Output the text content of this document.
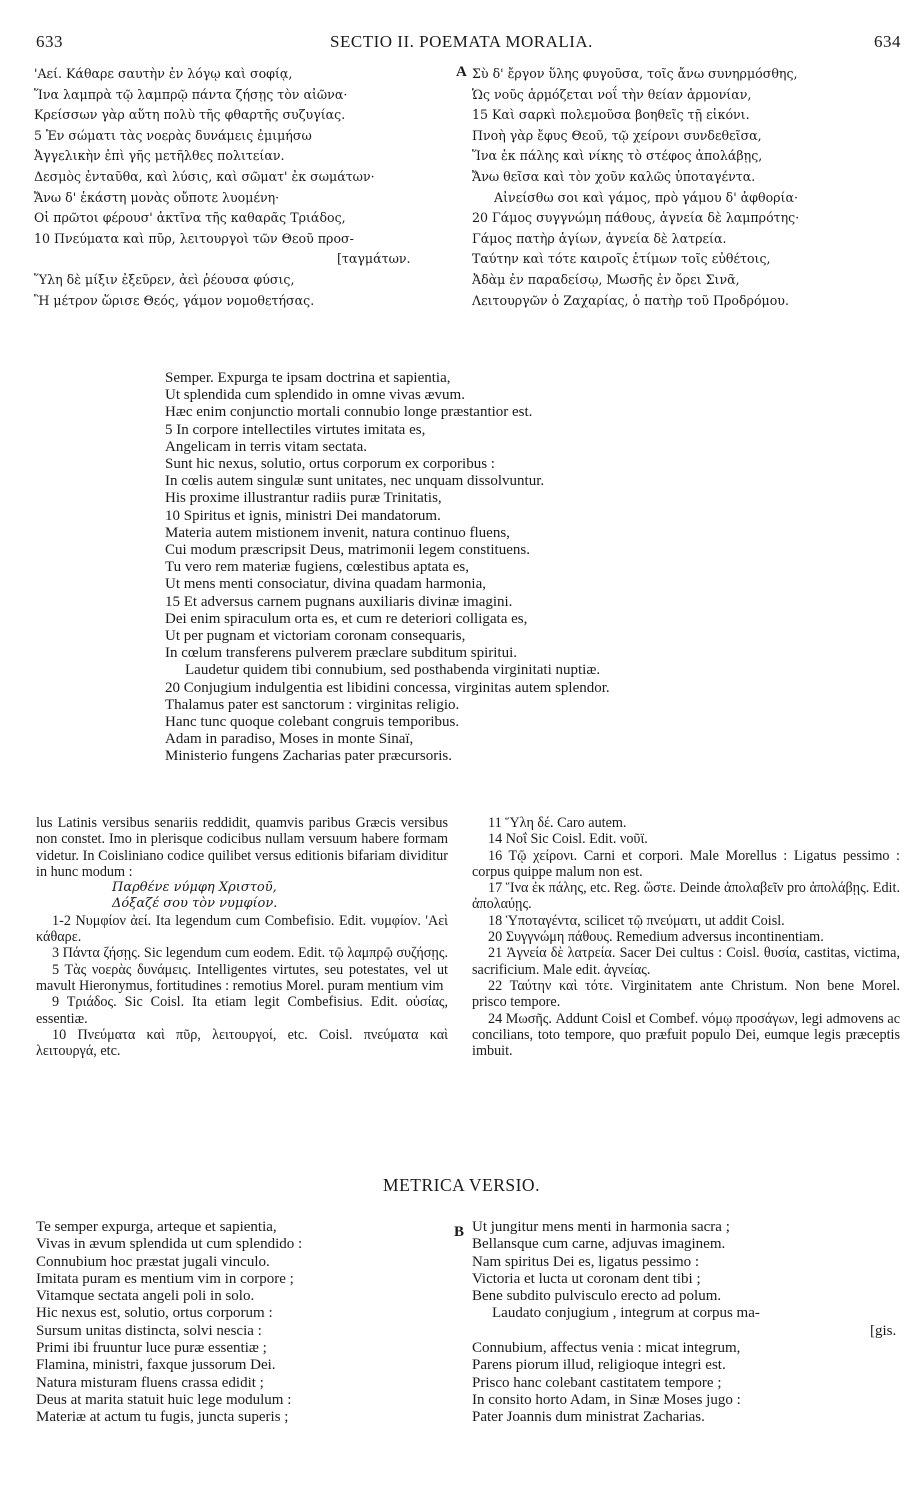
633	SECTIO II. POEMATA MORALIA.	634
'Αεί. Κάθαρε σαυτὴν ἐν λόγῳ καὶ σοφίᾳ,
Ἵνα λαμπρὰ τῷ λαμπρῷ πάντα ζήσῃς τὸν αἰῶνα·
Κρείσσων γὰρ αὕτη πολὺ τῆς φθαρτῆς συζυγίας.
5 Ἐν σώματι τὰς νοερὰς δυνάμεις ἐμιμήσω
Ἀγγελικὴν ἐπὶ γῆς μετῆλθες πολιτείαν.
Δεσμὸς ἐνταῦθα, καὶ λύσις, καὶ σῶματ' ἐκ σωμάτων·
Ἄνω δ' ἑκάστη μονὰς οὔποτε λυομένη·
Οἱ πρῶτοι φέρουσ' ἀκτῖνα τῆς καθαρᾶς Τριάδος,
10 Πνεύματα καὶ πῦρ, λειτουργοὶ τῶν Θεοῦ προσ-
[ταγμάτων.
Ὕλη δὲ μίξιν ἐξεῦρεν, ἀεὶ ῥέουσα φύσις,
Ἣ μέτρον ὥρισε Θεός, γάμον νομοθετήσας.
A Σὺ δ' ἔργον ὕλης φυγοῦσα, τοῖς ἄνω συνηρμόσθης,
Ὡς νοῦς ἁρμόζεται νοΐ τὴν θείαν ἁρμονίαν,
15 Καὶ σαρκὶ πολεμοῦσα βοηθεῖς τῇ εἰκόνι.
Πνοὴ γὰρ ἔφυς Θεοῦ, τῷ χείρονι συνδεθεῖσα,
Ἵνα ἐκ πάλης καὶ νίκης τὸ στέφος ἀπολάβῃς,
Ἄνω θεῖσα καὶ τὸν χοῦν καλῶς ὑποταγέντα.
Αἰνείσθω σοι καὶ γάμος, πρὸ γάμου δ' ἀφθορία·
20 Γάμος συγγνώμη πάθους, ἁγνεία δὲ λαμπρότης·
Γάμος πατὴρ ἁγίων, ἁγνεία δὲ λατρεία.
Ταύτην καὶ τότε καιροῖς ἐτίμων τοῖς εὐθέτοις,
Ἀδὰμ ἐν παραδείσῳ, Μωσῆς ἐν ὄρει Σινᾶ,
Λειτουργῶν ὁ Ζαχαρίας, ὁ πατὴρ τοῦ Προδρόμου.
Semper. Expurga te ipsam doctrina et sapientia,
Ut splendida cum splendido in omne vivas ævum.
Hæc enim conjunctio mortali connubio longe præstantior est.
5 In corpore intellectiles virtutes imitata es,
Angelicam in terris vitam sectata.
Sunt hic nexus, solutio, ortus corporum ex corporibus :
In cœlis autem singulæ sunt unitates, nec unquam dissolvuntur.
His proxime illustrantur radiis puræ Trinitatis,
10 Spiritus et ignis, ministri Dei mandatorum.
Materia autem mistionem invenit, natura continuo fluens,
Cui modum præscripsit Deus, matrimonii legem constituens.
Tu vero rem materiæ fugiens, cœlestibus aptata es,
Ut mens menti consociatur, divina quadam harmonia,
15 Et adversus carnem pugnans auxiliaris divinæ imagini.
Dei enim spiraculum orta es, et cum re deteriori colligata es,
Ut per pugnam et victoriam coronam consequaris,
In cœlum transferens pulverem præclare subditum spiritui.
Laudetur quidem tibi connubium, sed posthabenda virginitati nuptiæ.
20 Conjugium indulgentia est libidini concessa, virginitas autem splendor.
Thalamus pater est sanctorum : virginitas religio.
Hanc tunc quoque colebant congruis temporibus.
Adam in paradiso, Moses in monte Sinaï,
Ministerio fungens Zacharias pater præcursoris.

lus Latinis versibus senariis reddidit, quamvis paribus Græcis versibus non constet. Imo in plerisque codicibus nullam versuum habere formam videtur. In Coisliniano codice quilibet versus editionis bifariam dividitur in hunc modum :

Παρθένε νύμφη Χριστοῦ,
Δόξαζέ σου τὸν νυμφίον.

1-2 Νυμφίον ἀεί. Ita legendum cum Combefisio. Edit. νυμφίον. 'Αεὶ κάθαρε.

3 Πάντα ζήσῃς. Sic legendum cum eodem. Edit. τῷ λαμπρῷ συζήσῃς.

5 Τὰς νοερὰς δυνάμεις. Intelligentes virtutes, seu potestates, vel ut mavult Hieronymus, fortitudines : remotius Morel. puram mentium vim

9 Τριάδος. Sic Coisl. Ita etiam legit Combefisius. Edit. οὐσίας, essentiæ.

10 Πνεύματα καὶ πῦρ, λειτουργοί, etc. Coisl. πνεύματα καὶ λειτουργά, etc.

11 Ὕλη δέ. Caro autem.

14 Νοΐ Sic Coisl. Edit. νοῦϊ.

16 Τῷ χείρονι. Carni et corpori. Male Morellus : Ligatus pessimo : corpus quippe malum non est.

17 Ἵνα ἐκ πάλης, etc. Reg. ὥστε. Deinde ἀπολαβεῖν pro ἀπολάβῃς. Edit. ἀπολαύῃς.

18 Ὑποταγέντα, scilicet τῷ πνεύματι, ut addit Coisl.

20 Συγγνώμη πάθους. Remedium adversus incontinentiam.

21 Ἁγνεία δὲ λατρεία. Sacer Dei cultus : Coisl. θυσία, castitas, victima, sacrificium. Male edit. ἁγνείας.

22 Ταύτην καὶ τότε. Virginitatem ante Christum. Non bene Morel. prisco tempore.

24 Μωσῆς. Addunt Coisl et Combef. νόμῳ προσάγων, legi admovens ac concilians, toto tempore, quo præfuit populo Dei, eumque legis præceptis imbuit.

METRICA VERSIO.
Te semper expurga, arteque et sapientia,
Vivas in ævum splendida ut cum splendido :
Connubium hoc præstat jugali vinculo.
Imitata puram es mentium vim in corpore ;
Vitamque sectata angeli poli in solo.
Hic nexus est, solutio, ortus corporum :
Sursum unitas distincta, solvi nescia :
Primi ibi fruuntur luce puræ essentiæ ;
Flamina, ministri, faxque jussorum Dei.
Natura misturam fluens crassa edidit ;
Deus at marita statuit huic lege modulum :
Materiæ at actum tu fugis, juncta superis ;
B Ut jungitur mens menti in harmonia sacra ;
Bellansque cum carne, adjuvas imaginem.
Nam spiritus Dei es, ligatus pessimo :
Victoria et lucta ut coronam dent tibi ;
Bene subdito pulvisculo erecto ad polum.
Laudato conjugium , integrum at corpus ma-
[gis.
Connubium, affectus venia : micat integrum,
Parens piorum illud, religioque integri est.
Prisco hanc colebant castitatem tempore ;
In consito horto Adam, in Sinæ Moses jugo :
Pater Joannis dum ministrat Zacharias.
